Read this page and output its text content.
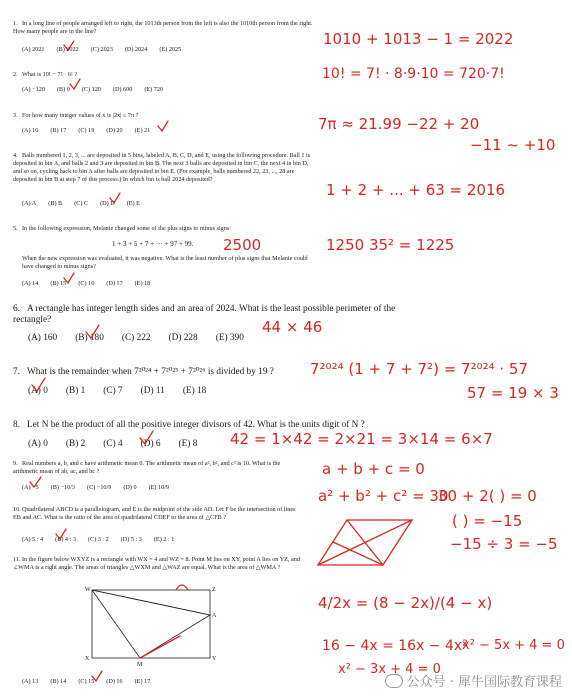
1. In a long line of people arranged left to right, the 1013th person from the left is also the 1010th person from the right. How many people are in the line?
(A) 2021 (B) 2022 (C) 2023 (D) 2024 (E) 2025
2. What is 10! − 7! · 6! ?
(A) −120 (B) 0 (C) 120 (D) 600 (E) 720
3. For how many integer values of x is |2x| ≤ 7π ?
(A) 16 (B) 17 (C) 19 (D) 20 (E) 21
4. Balls numbered 1, 2, 3, ... are deposited in 5 bins, labeled A, B, C, D, and E, using the following procedure. Ball 1 is deposited in bin A, and balls 2 and 3 are deposited in bin B. The next 3 balls are deposited in bin C, the next 4 in bin D, and so on, cycling back to bin A after balls are deposited in bin E. (For example, balls numbered 22, 23, ..., 28 are deposited in bin B at step 7 of this process.) In which bin is ball 2024 deposited?
(A) A (B) B (C) C (D) D (E) E
5. In the following expression, Melanie changed some of the plus signs to minus signs:
1 + 3 + 5 + 7 + ··· + 97 + 99.
When the new expression was evaluated, it was negative. What is the least number of plus signs that Melanie could have changed to minus signs?
(A) 14 (B) 15 (C) 16 (D) 17 (E) 18
6. A rectangle has integer length sides and an area of 2024. What is the least possible perimeter of the rectangle?
(A) 160 (B) 180 (C) 222 (D) 228 (E) 390
7. What is the remainder when 7²⁰²⁴ + 7²⁰²⁵ + 7²⁰²⁶ is divided by 19 ?
(A) 0 (B) 1 (C) 7 (D) 11 (E) 18
8. Let N be the product of all the positive integer divisors of 42. What is the units digit of N ?
(A) 0 (B) 2 (C) 4 (D) 6 (E) 8
9. Real numbers a, b, and c have arithmetic mean 0. The arithmetic mean of a², b², and c² is 10. What is the arithmetic mean of ab, ac, and bc ?
(A) −5 (B) −10/3 (C) −10/9 (D) 0 (E) 10/9
10.Quadrilateral ABCD is a parallelogram, and E is the midpoint of the side AD. Let F be the intersection of lines EB and AC. What is the ratio of the area of quadrilateral CDEF to the area of △CFB ?
(A) 5 : 4 (B) 4 : 3 (C) 3 : 2 (D) 5 : 3 (E) 2 : 1
11.In the figure below WXYZ is a rectangle with WX = 4 and WZ = 8. Point M lies on XY, point A lies on YZ, and ∠WMA is a right angle. The areas of triangles △WXM and △WAZ are equal. What is the area of △WMA ?
W
X	Y
Z
M
A
(A) 13 (B) 14 (C) 15 (D) 16 (E) 17
1010 + 1013 − 1 = 2022
10! = 7! · 8·9·10 = 720·7!
7π ≈ 21.99 −22 + 20
−11 ~ +10
1 + 2 + ... + 63 = 2016
2500	1250 35² = 1225
44 × 46
7²⁰²⁴ (1 + 7 + 7²) = 7²⁰²⁴ · 57
57 = 19 × 3
42 = 1×42 = 2×21 = 3×14 = 6×7
a + b + c = 0
a² + b² + c² = 30
30 + 2( ) = 0
( ) = −15
−15 ÷ 3 = −5
4/2x = (8 − 2x)/(4 − x)
16 − 4x = 16x − 4x²
x² − 5x + 4 = 0
x² − 3x + 4 = 0
公众号 · 犀牛国际教育课程
